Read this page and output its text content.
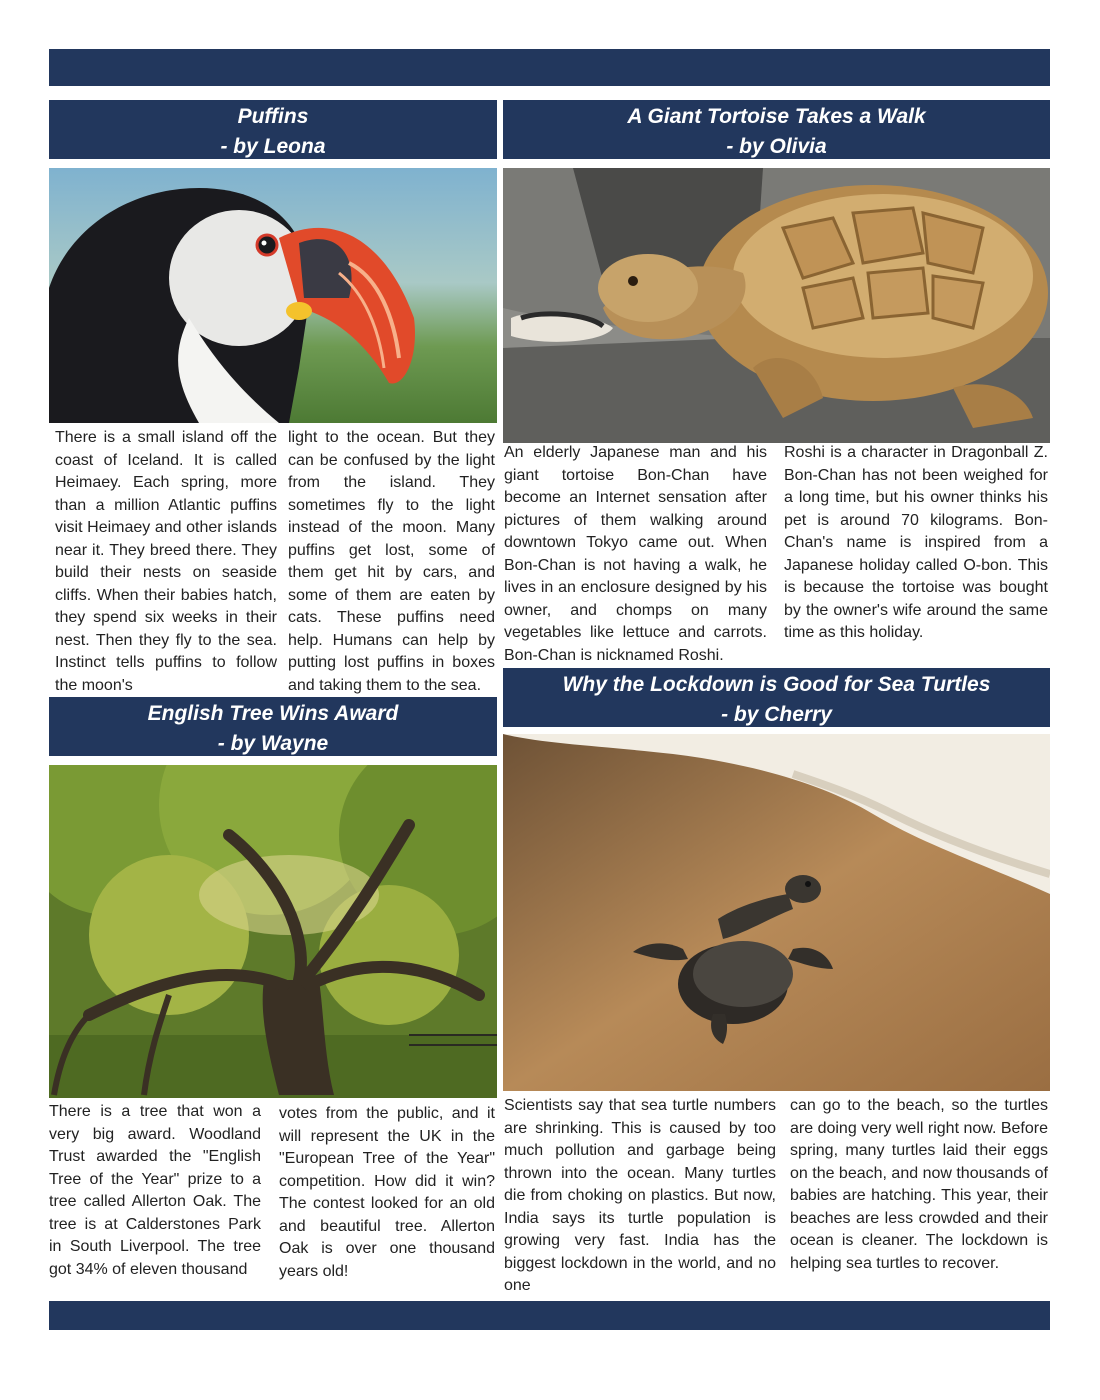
Puffins
- by Leona
There is a small island off the coast of Iceland. It is called Heimaey. Each spring, more than a million Atlantic puffins visit Heimaey and other islands near it. They breed there. They build their nests on seaside cliffs. When their babies hatch, they spend six weeks in their nest. Then they fly to the sea. Instinct tells puffins to follow the moon's
light to the ocean. But they can be confused by the light from the island. They sometimes fly to the light instead of the moon. Many puffins get lost, some of them get hit by cars, and some of them are eaten by cats. These puffins need help. Humans can help by putting lost puffins in boxes and taking them to the sea.
A Giant Tortoise Takes a Walk
- by Olivia
An elderly Japanese man and his giant tortoise Bon-Chan have become an Internet sensation after pictures of them walking around downtown Tokyo came out. When Bon-Chan is not having a walk, he lives in an enclosure designed by his owner, and chomps on many vegetables like lettuce and carrots. Bon-Chan is nicknamed Roshi.
Roshi is a character in Dragonball Z. Bon-Chan has not been weighed for a long time, but his owner thinks his pet is around 70 kilograms. Bon-Chan's name is inspired from a Japanese holiday called O-bon. This is because the tortoise was bought by the owner's wife around the same time as this holiday.
English Tree Wins Award
- by Wayne
There is a tree that won a very big award. Woodland Trust awarded the "English Tree of the Year" prize to a tree called Allerton Oak. The tree is at Calderstones Park in South Liverpool. The tree got 34% of eleven thousand
votes from the public, and it will represent the UK in the "European Tree of the Year" competition. How did it win? The contest looked for an old and beautiful tree. Allerton Oak is over one thousand years old!
Why the Lockdown is Good for Sea Turtles
- by Cherry
Scientists say that sea turtle numbers are shrinking. This is caused by too much pollution and garbage being thrown into the ocean. Many turtles die from choking on plastics. But now, India says its turtle population is growing very fast. India has the biggest lockdown in the world, and no one
can go to the beach, so the turtles are doing very well right now. Before spring, many turtles laid their eggs on the beach, and now thousands of babies are hatching. This year, their beaches are less crowded and their ocean is cleaner. The lockdown is helping sea turtles to recover.
